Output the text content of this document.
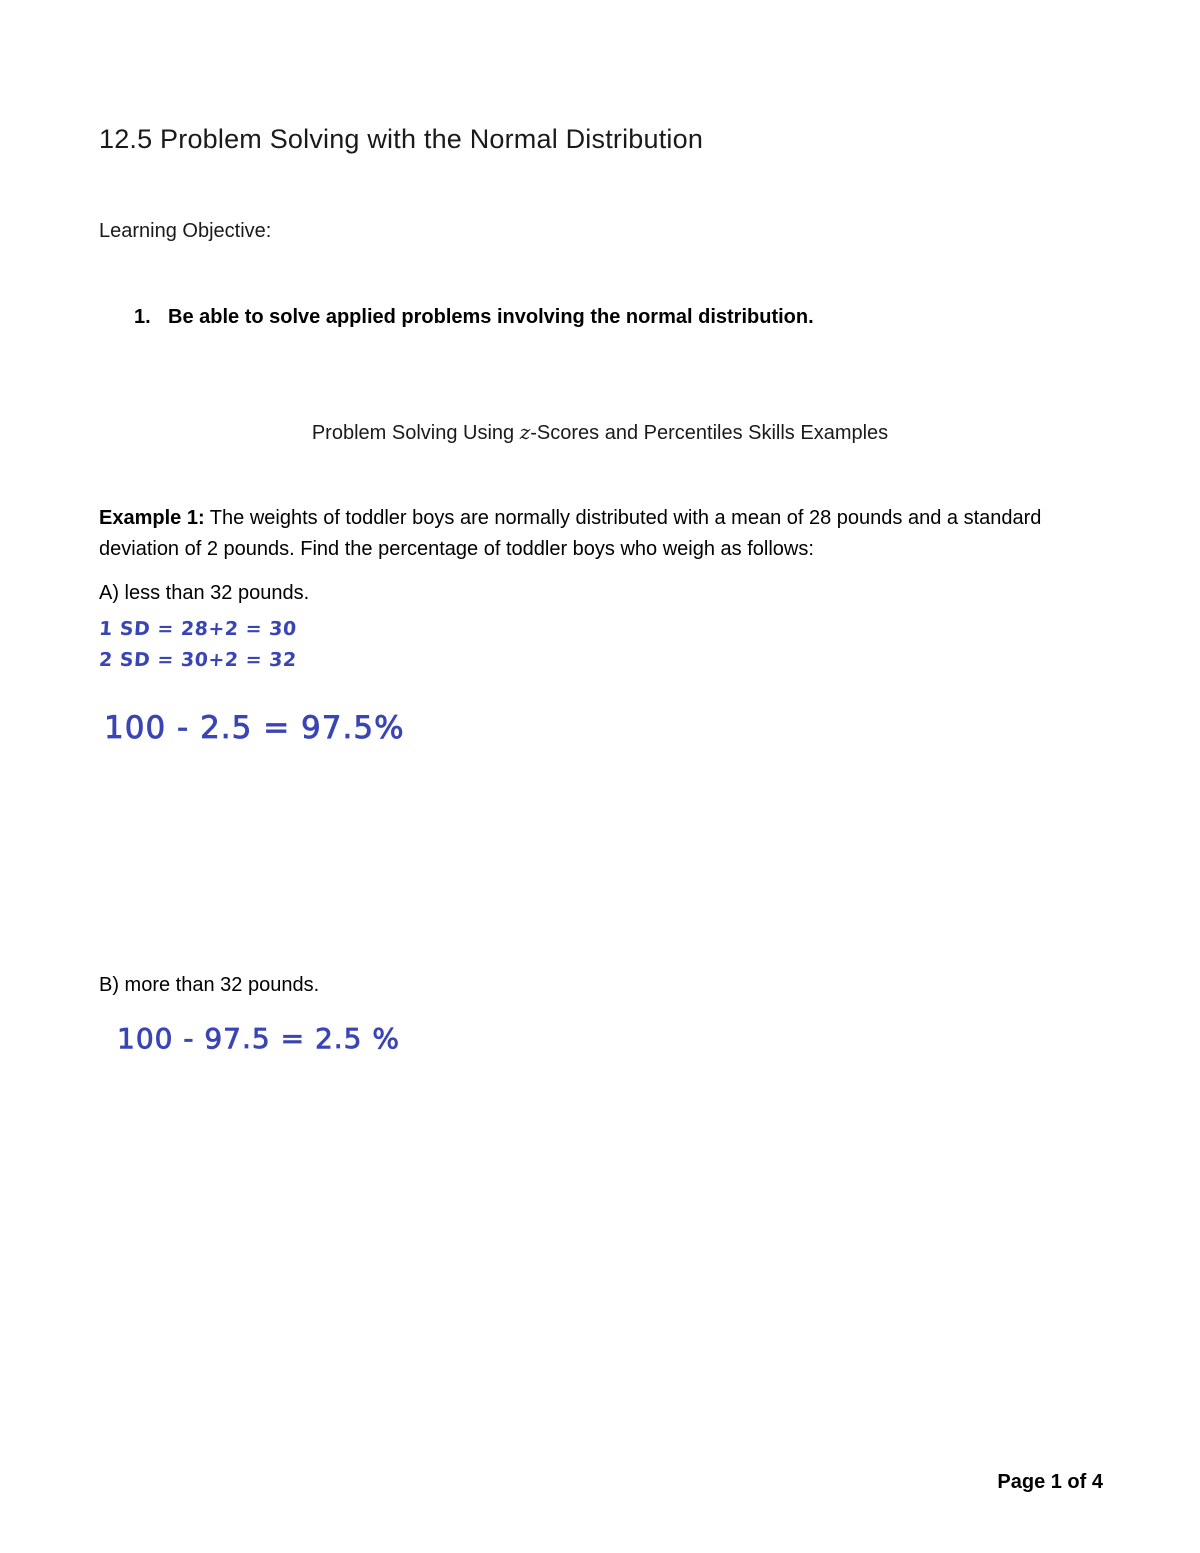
12.5 Problem Solving with the Normal Distribution
Learning Objective:
1. Be able to solve applied problems involving the normal distribution.
Problem Solving Using z-Scores and Percentiles Skills Examples
Example 1: The weights of toddler boys are normally distributed with a mean of 28 pounds and a standard deviation of 2 pounds. Find the percentage of toddler boys who weigh as follows:
A) less than 32 pounds.
1 SD = 28+2 = 30
2 SD = 30+2 = 32
100 - 2.5 = 97.5%
B) more than 32 pounds.
100 - 97.5 = 2.5 %
Page 1 of 4
